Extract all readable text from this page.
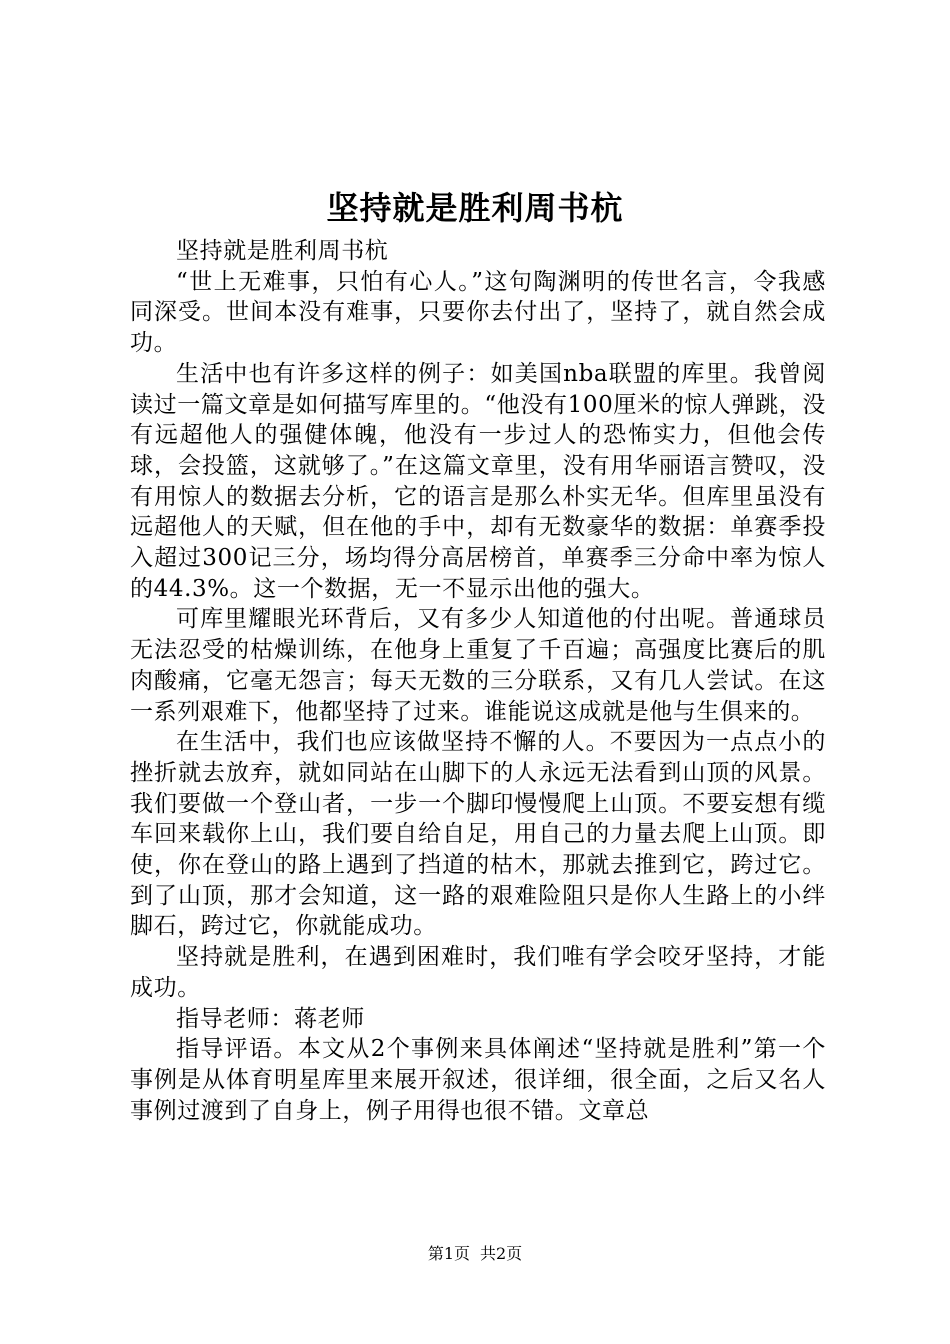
坚持就是胜利周书杭

坚持就是胜利周书杭

“世上无难事，只怕有心人。”这句陶渊明的传世名言，令我感同深受。世间本没有难事，只要你去付出了，坚持了，就自然会成功。

生活中也有许多这样的例子：如美国nba联盟的库里。我曾阅读过一篇文章是如何描写库里的。“他没有100厘米的惊人弹跳，没有远超他人的强健体魄，他没有一步过人的恐怖实力，但他会传球，会投篮，这就够了。”在这篇文章里，没有用华丽语言赞叹，没有用惊人的数据去分析，它的语言是那么朴实无华。但库里虽没有远超他人的天赋，但在他的手中，却有无数豪华的数据：单赛季投入超过300记三分，场均得分高居榜首，单赛季三分命中率为惊人的44.3%。这一个数据，无一不显示出他的强大。

可库里耀眼光环背后，又有多少人知道他的付出呢。普通球员无法忍受的枯燥训练，在他身上重复了千百遍；高强度比赛后的肌肉酸痛，它毫无怨言；每天无数的三分联系，又有几人尝试。在这一系列艰难下，他都坚持了过来。谁能说这成就是他与生俱来的。

在生活中，我们也应该做坚持不懈的人。不要因为一点点小的挫折就去放弃，就如同站在山脚下的人永远无法看到山顶的风景。我们要做一个登山者，一步一个脚印慢慢爬上山顶。不要妄想有缆车回来载你上山，我们要自给自足，用自己的力量去爬上山顶。即使，你在登山的路上遇到了挡道的枯木，那就去推到它，跨过它。到了山顶，那才会知道，这一路的艰难险阻只是你人生路上的小绊脚石，跨过它，你就能成功。

坚持就是胜利，在遇到困难时，我们唯有学会咬牙坚持，才能成功。

指导老师：蒋老师

指导评语。本文从2个事例来具体阐述“坚持就是胜利”第一个事例是从体育明星库里来展开叙述，很详细，很全面，之后又名人事例过渡到了自身上，例子用得也很不错。文章总

第1页 共2页
